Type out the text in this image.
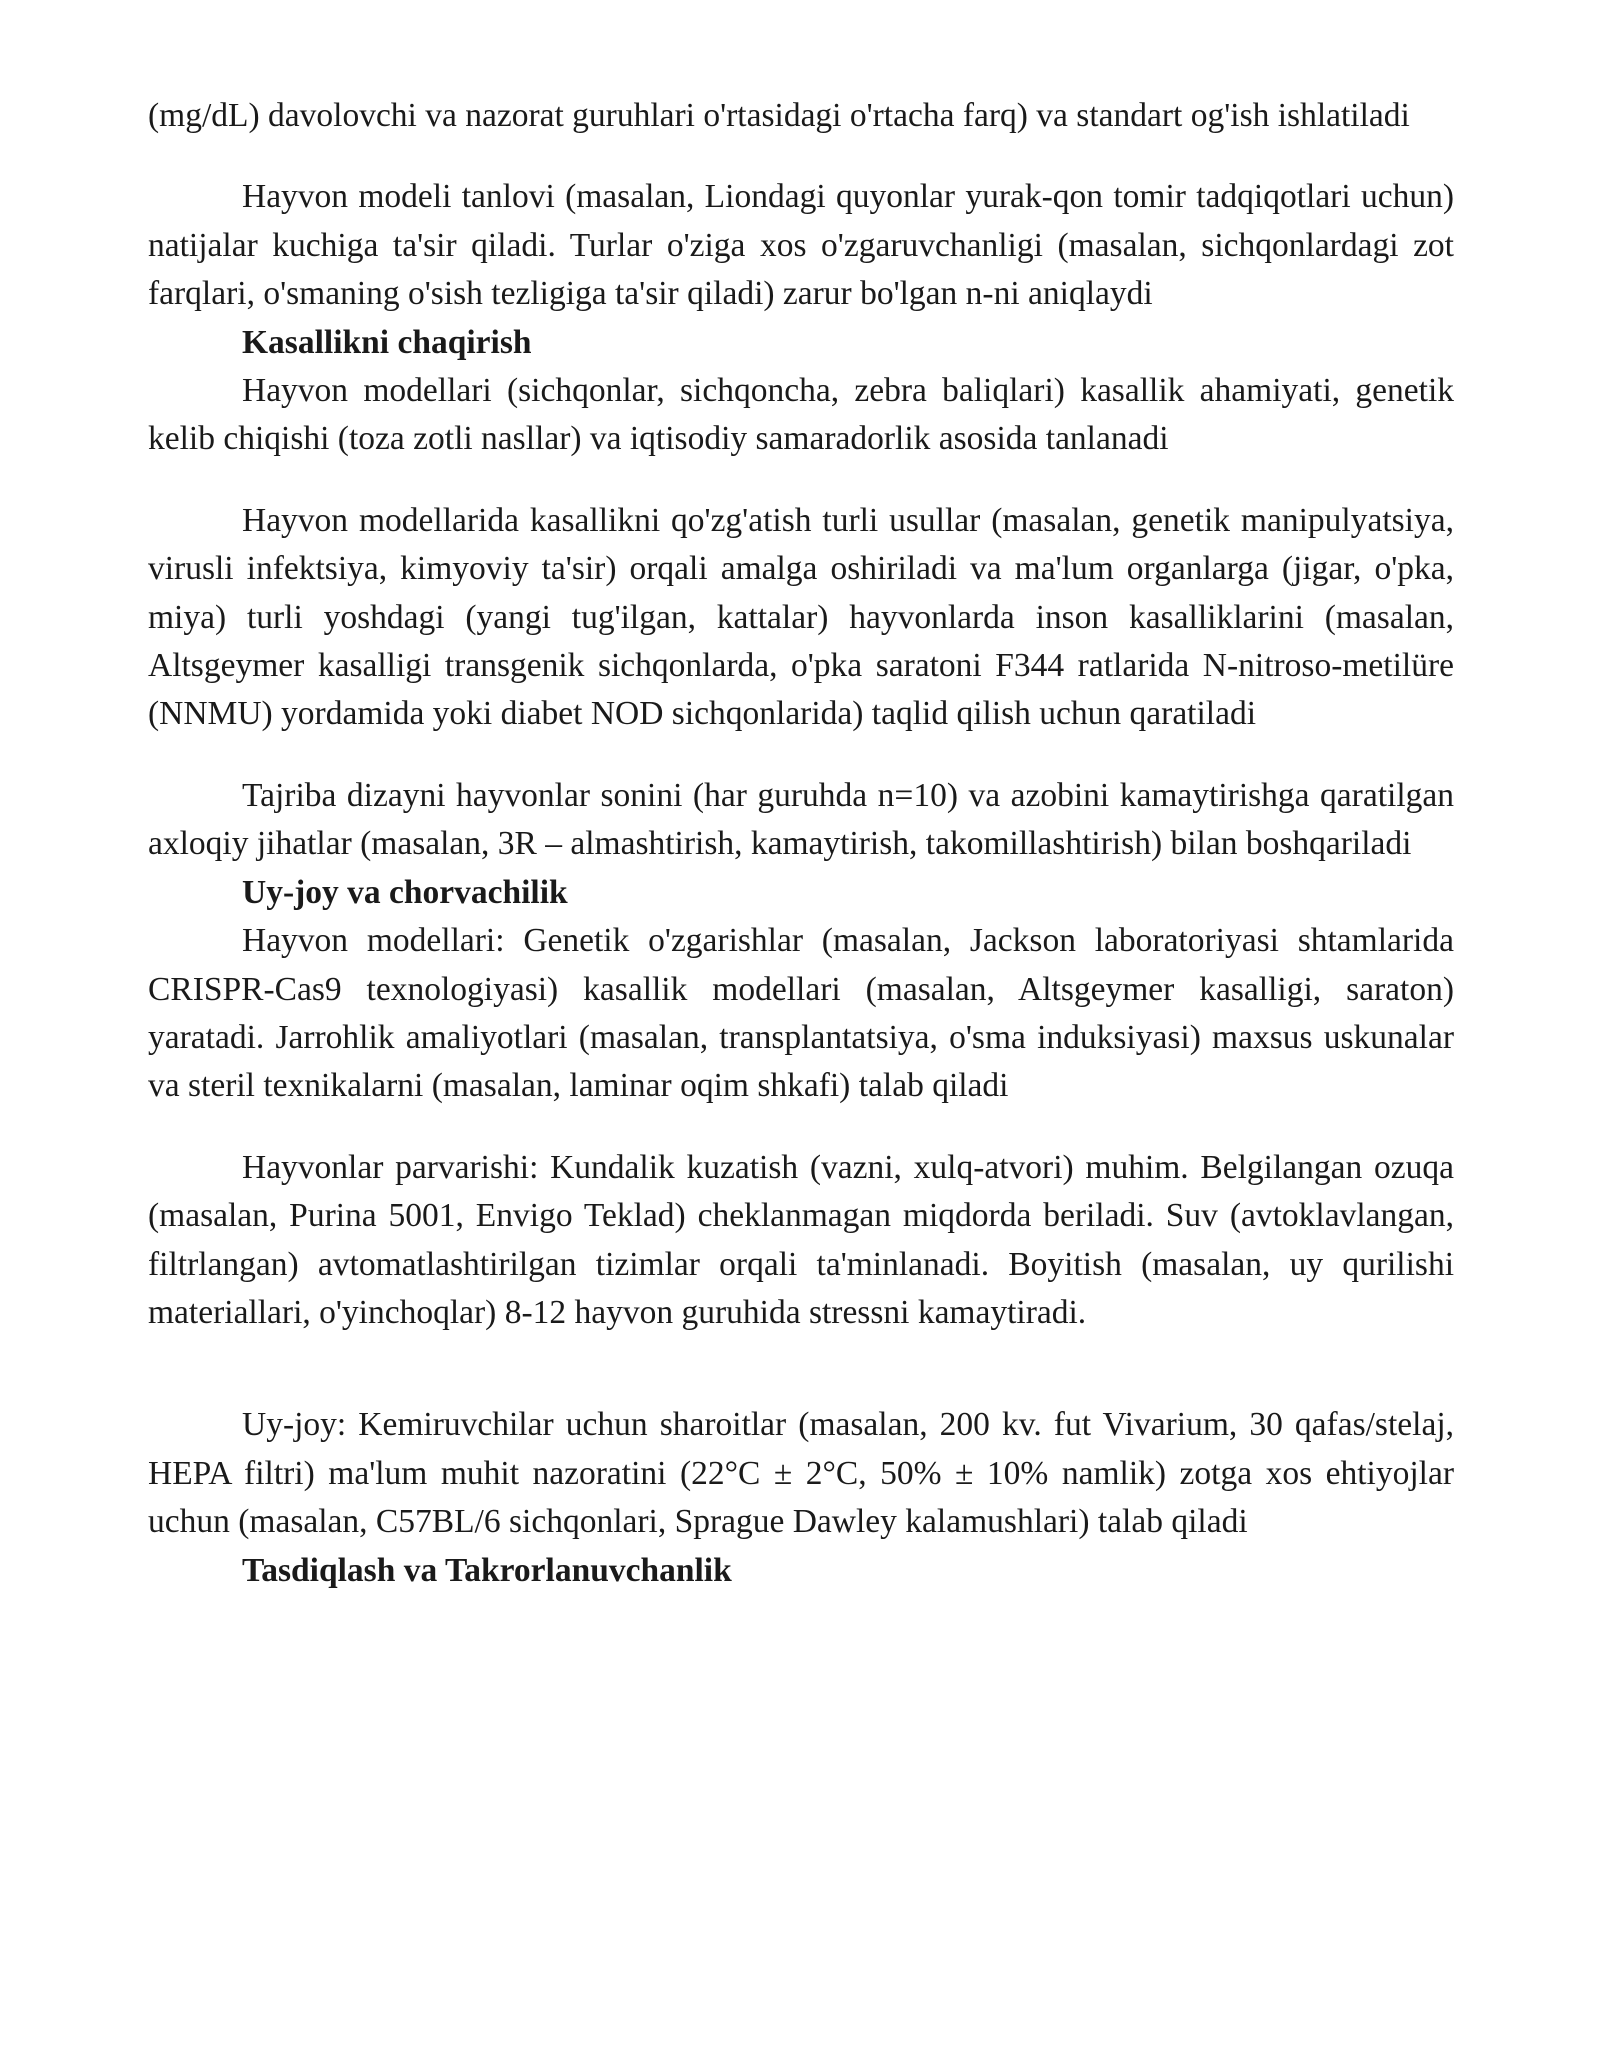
(mg/dL) davolovchi va nazorat guruhlari o'rtasidagi o'rtacha farq) va standart og'ish ishlatiladi

Hayvon modeli tanlovi (masalan, Liondagi quyonlar yurak-qon tomir tadqiqotlari uchun) natijalar kuchiga ta'sir qiladi. Turlar o'ziga xos o'zgaruvchanligi (masalan, sichqonlardagi zot farqlari, o'smaning o'sish tezligiga ta'sir qiladi) zarur bo'lgan n-ni aniqlaydi

Kasallikni chaqirish

Hayvon modellari (sichqonlar, sichqoncha, zebra baliqlari) kasallik ahamiyati, genetik kelib chiqishi (toza zotli nasllar) va iqtisodiy samaradorlik asosida tanlanadi

Hayvon modellarida kasallikni qo'zg'atish turli usullar (masalan, genetik manipulyatsiya, virusli infektsiya, kimyoviy ta'sir) orqali amalga oshiriladi va ma'lum organlarga (jigar, o'pka, miya) turli yoshdagi (yangi tug'ilgan, kattalar) hayvonlarda inson kasalliklarini (masalan, Altsgeymer kasalligi transgenik sichqonlarda, o'pka saratoni F344 ratlarida N-nitroso-metilüre (NNMU) yordamida yoki diabet NOD sichqonlarida) taqlid qilish uchun qaratiladi

Tajriba dizayni hayvonlar sonini (har guruhda n=10) va azobini kamaytirishga qaratilgan axloqiy jihatlar (masalan, 3R – almashtirish, kamaytirish, takomillashtirish) bilan boshqariladi

Uy-joy va chorvachilik

Hayvon modellari: Genetik o'zgarishlar (masalan, Jackson laboratoriyasi shtamlarida CRISPR-Cas9 texnologiyasi) kasallik modellari (masalan, Altsgeymer kasalligi, saraton) yaratadi. Jarrohlik amaliyotlari (masalan, transplantatsiya, o'sma induksiyasi) maxsus uskunalar va steril texnikalarni (masalan, laminar oqim shkafi) talab qiladi

Hayvonlar parvarishi: Kundalik kuzatish (vazni, xulq-atvori) muhim. Belgilangan ozuqa (masalan, Purina 5001, Envigo Teklad) cheklanmagan miqdorda beriladi. Suv (avtoklavlangan, filtrlangan) avtomatlashtirilgan tizimlar orqali ta'minlanadi. Boyitish (masalan, uy qurilishi materiallari, o'yinchoqlar) 8-12 hayvon guruhida stressni kamaytiradi.

Uy-joy: Kemiruvchilar uchun sharoitlar (masalan, 200 kv. fut Vivarium, 30 qafas/stelaj, HEPA filtri) ma'lum muhit nazoratini (22°C ± 2°C, 50% ± 10% namlik) zotga xos ehtiyojlar uchun (masalan, C57BL/6 sichqonlari, Sprague Dawley kalamushlari) talab qiladi

Tasdiqlash va Takrorlanuvchanlik
